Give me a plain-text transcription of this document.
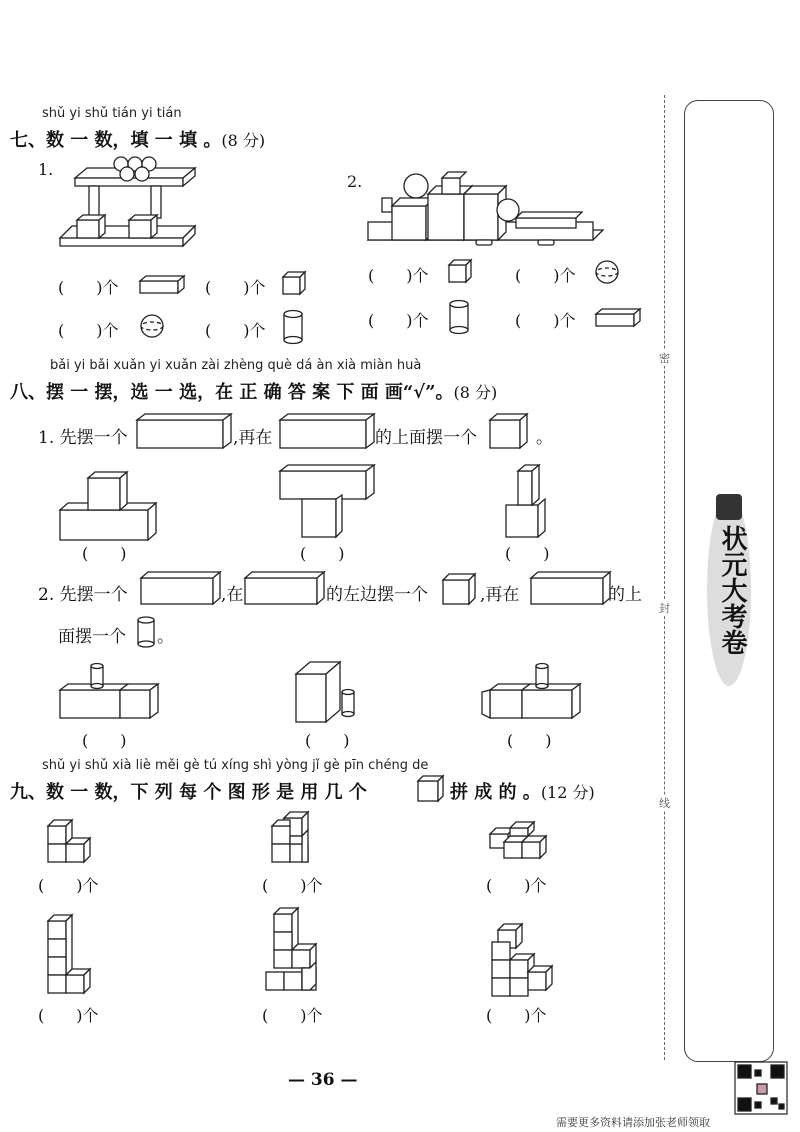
密
封
线
状元大考卷
shǔ yi shǔ tián yi tián
七、数 一 数，填 一 填 。(8 分)
1.
2.
(　　)个	(　　)个
(　　)个	(　　)个
(　　)个	(　　)个
(　　)个	(　　)个
bǎi yi bǎi xuǎn yi xuǎn zài zhèng què dá àn xià miàn huà
八、摆 一 摆，选 一 选，在 正 确 答 案 下 面 画“√”。(8 分)
1. 先摆一个	,再在	的上面摆一个	。
(　　)	(　　)	(　　)
2. 先摆一个	,在	的左边摆一个	,再在	的上
面摆一个 。
(　　)	(　　)	(　　)
shǔ yi shǔ xià liè měi gè tú xíng shì yòng jǐ gè pīn chéng de
九、数 一 数，下 列 每 个 图 形 是 用 几 个	拼 成 的 。(12 分)
(　　)个	(　　)个	(　　)个
(　　)个	(　　)个	(　　)个
— 36 —
需要更多资料请添加张老师领取
